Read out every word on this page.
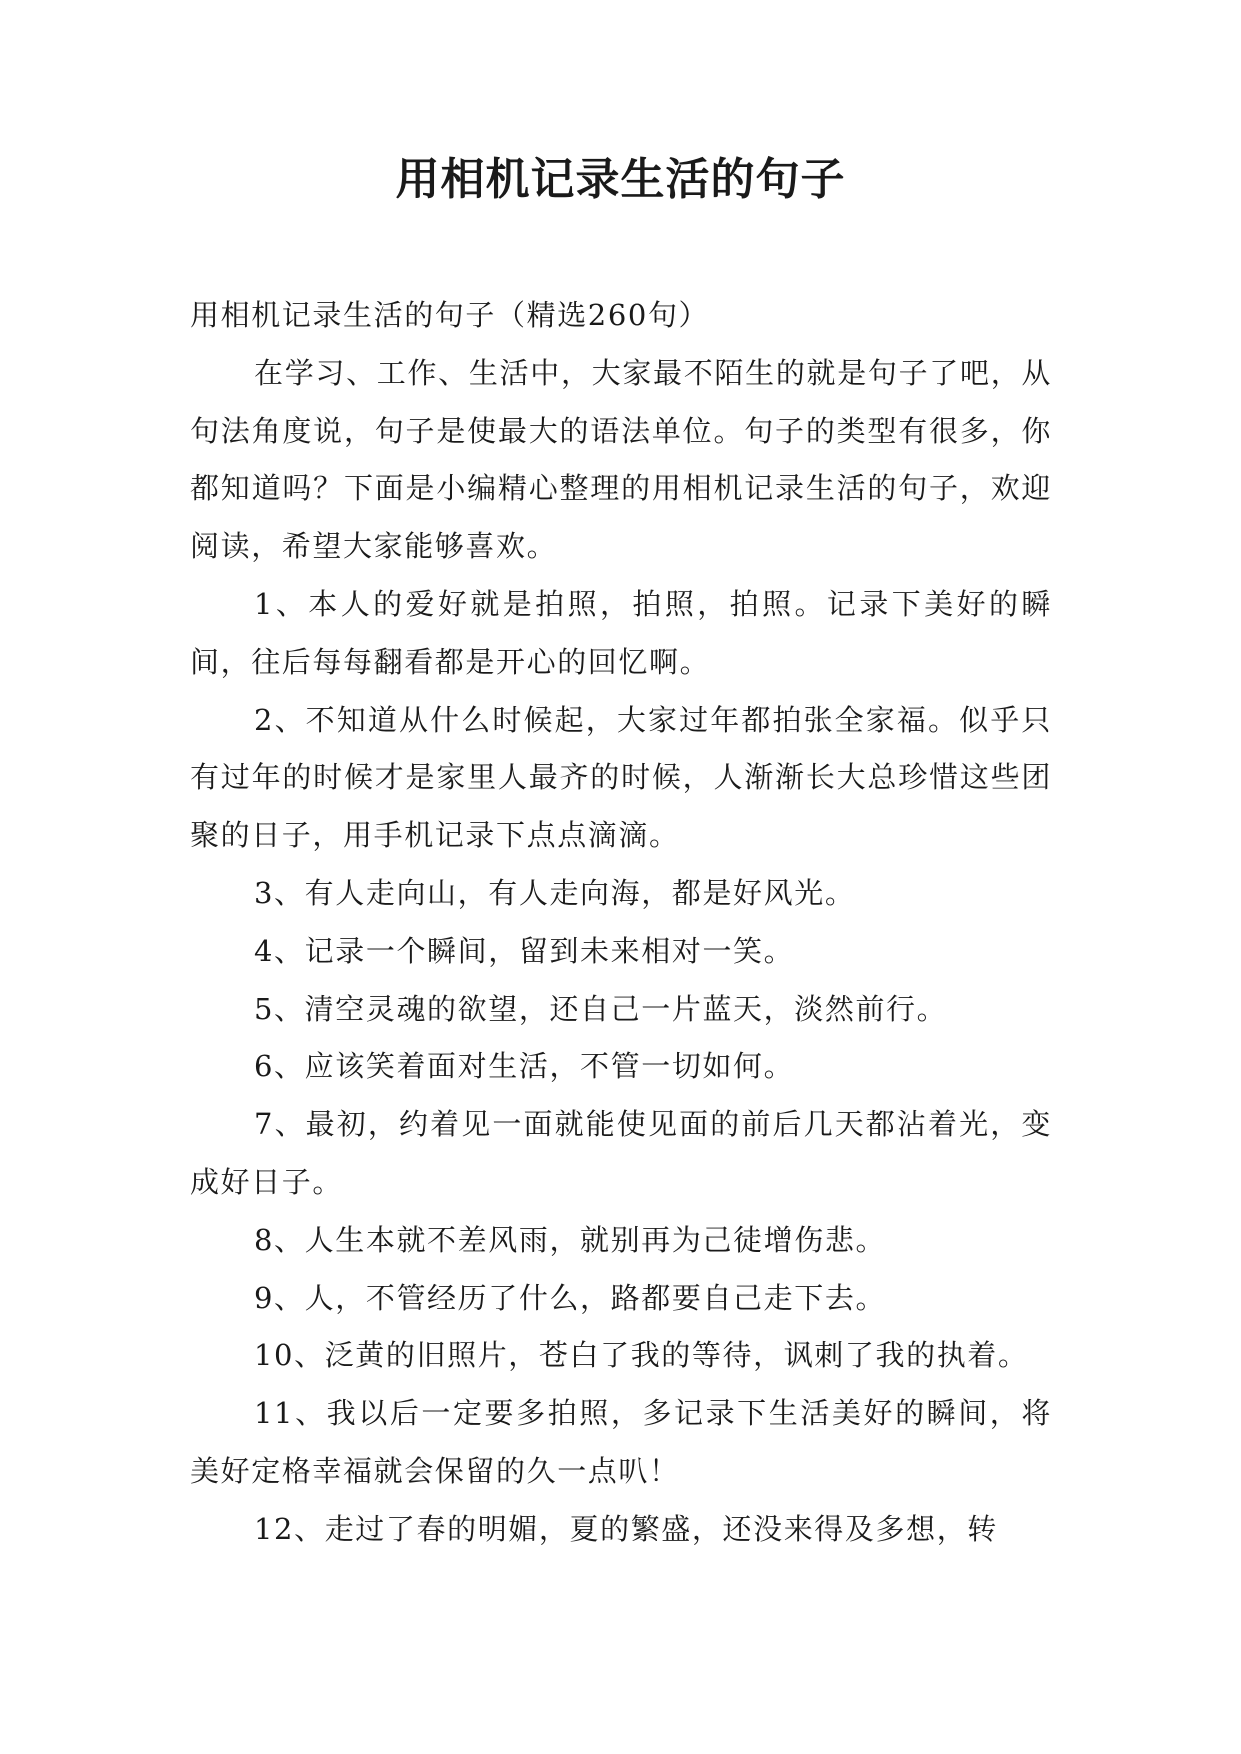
用相机记录生活的句子

用相机记录生活的句子（精选260句）

在学习、工作、生活中，大家最不陌生的就是句子了吧，从句法角度说，句子是使最大的语法单位。句子的类型有很多，你都知道吗？下面是小编精心整理的用相机记录生活的句子，欢迎阅读，希望大家能够喜欢。

1、本人的爱好就是拍照，拍照，拍照。记录下美好的瞬间，往后每每翻看都是开心的回忆啊。

2、不知道从什么时候起，大家过年都拍张全家福。似乎只有过年的时候才是家里人最齐的时候，人渐渐长大总珍惜这些团聚的日子，用手机记录下点点滴滴。

3、有人走向山，有人走向海，都是好风光。

4、记录一个瞬间，留到未来相对一笑。

5、清空灵魂的欲望，还自己一片蓝天，淡然前行。

6、应该笑着面对生活，不管一切如何。

7、最初，约着见一面就能使见面的前后几天都沾着光，变成好日子。

8、人生本就不差风雨，就别再为己徒增伤悲。

9、人，不管经历了什么，路都要自己走下去。

10、泛黄的旧照片，苍白了我的等待，讽刺了我的执着。

11、我以后一定要多拍照，多记录下生活美好的瞬间，将美好定格幸福就会保留的久一点叭！

12、走过了春的明媚，夏的繁盛，还没来得及多想，转
